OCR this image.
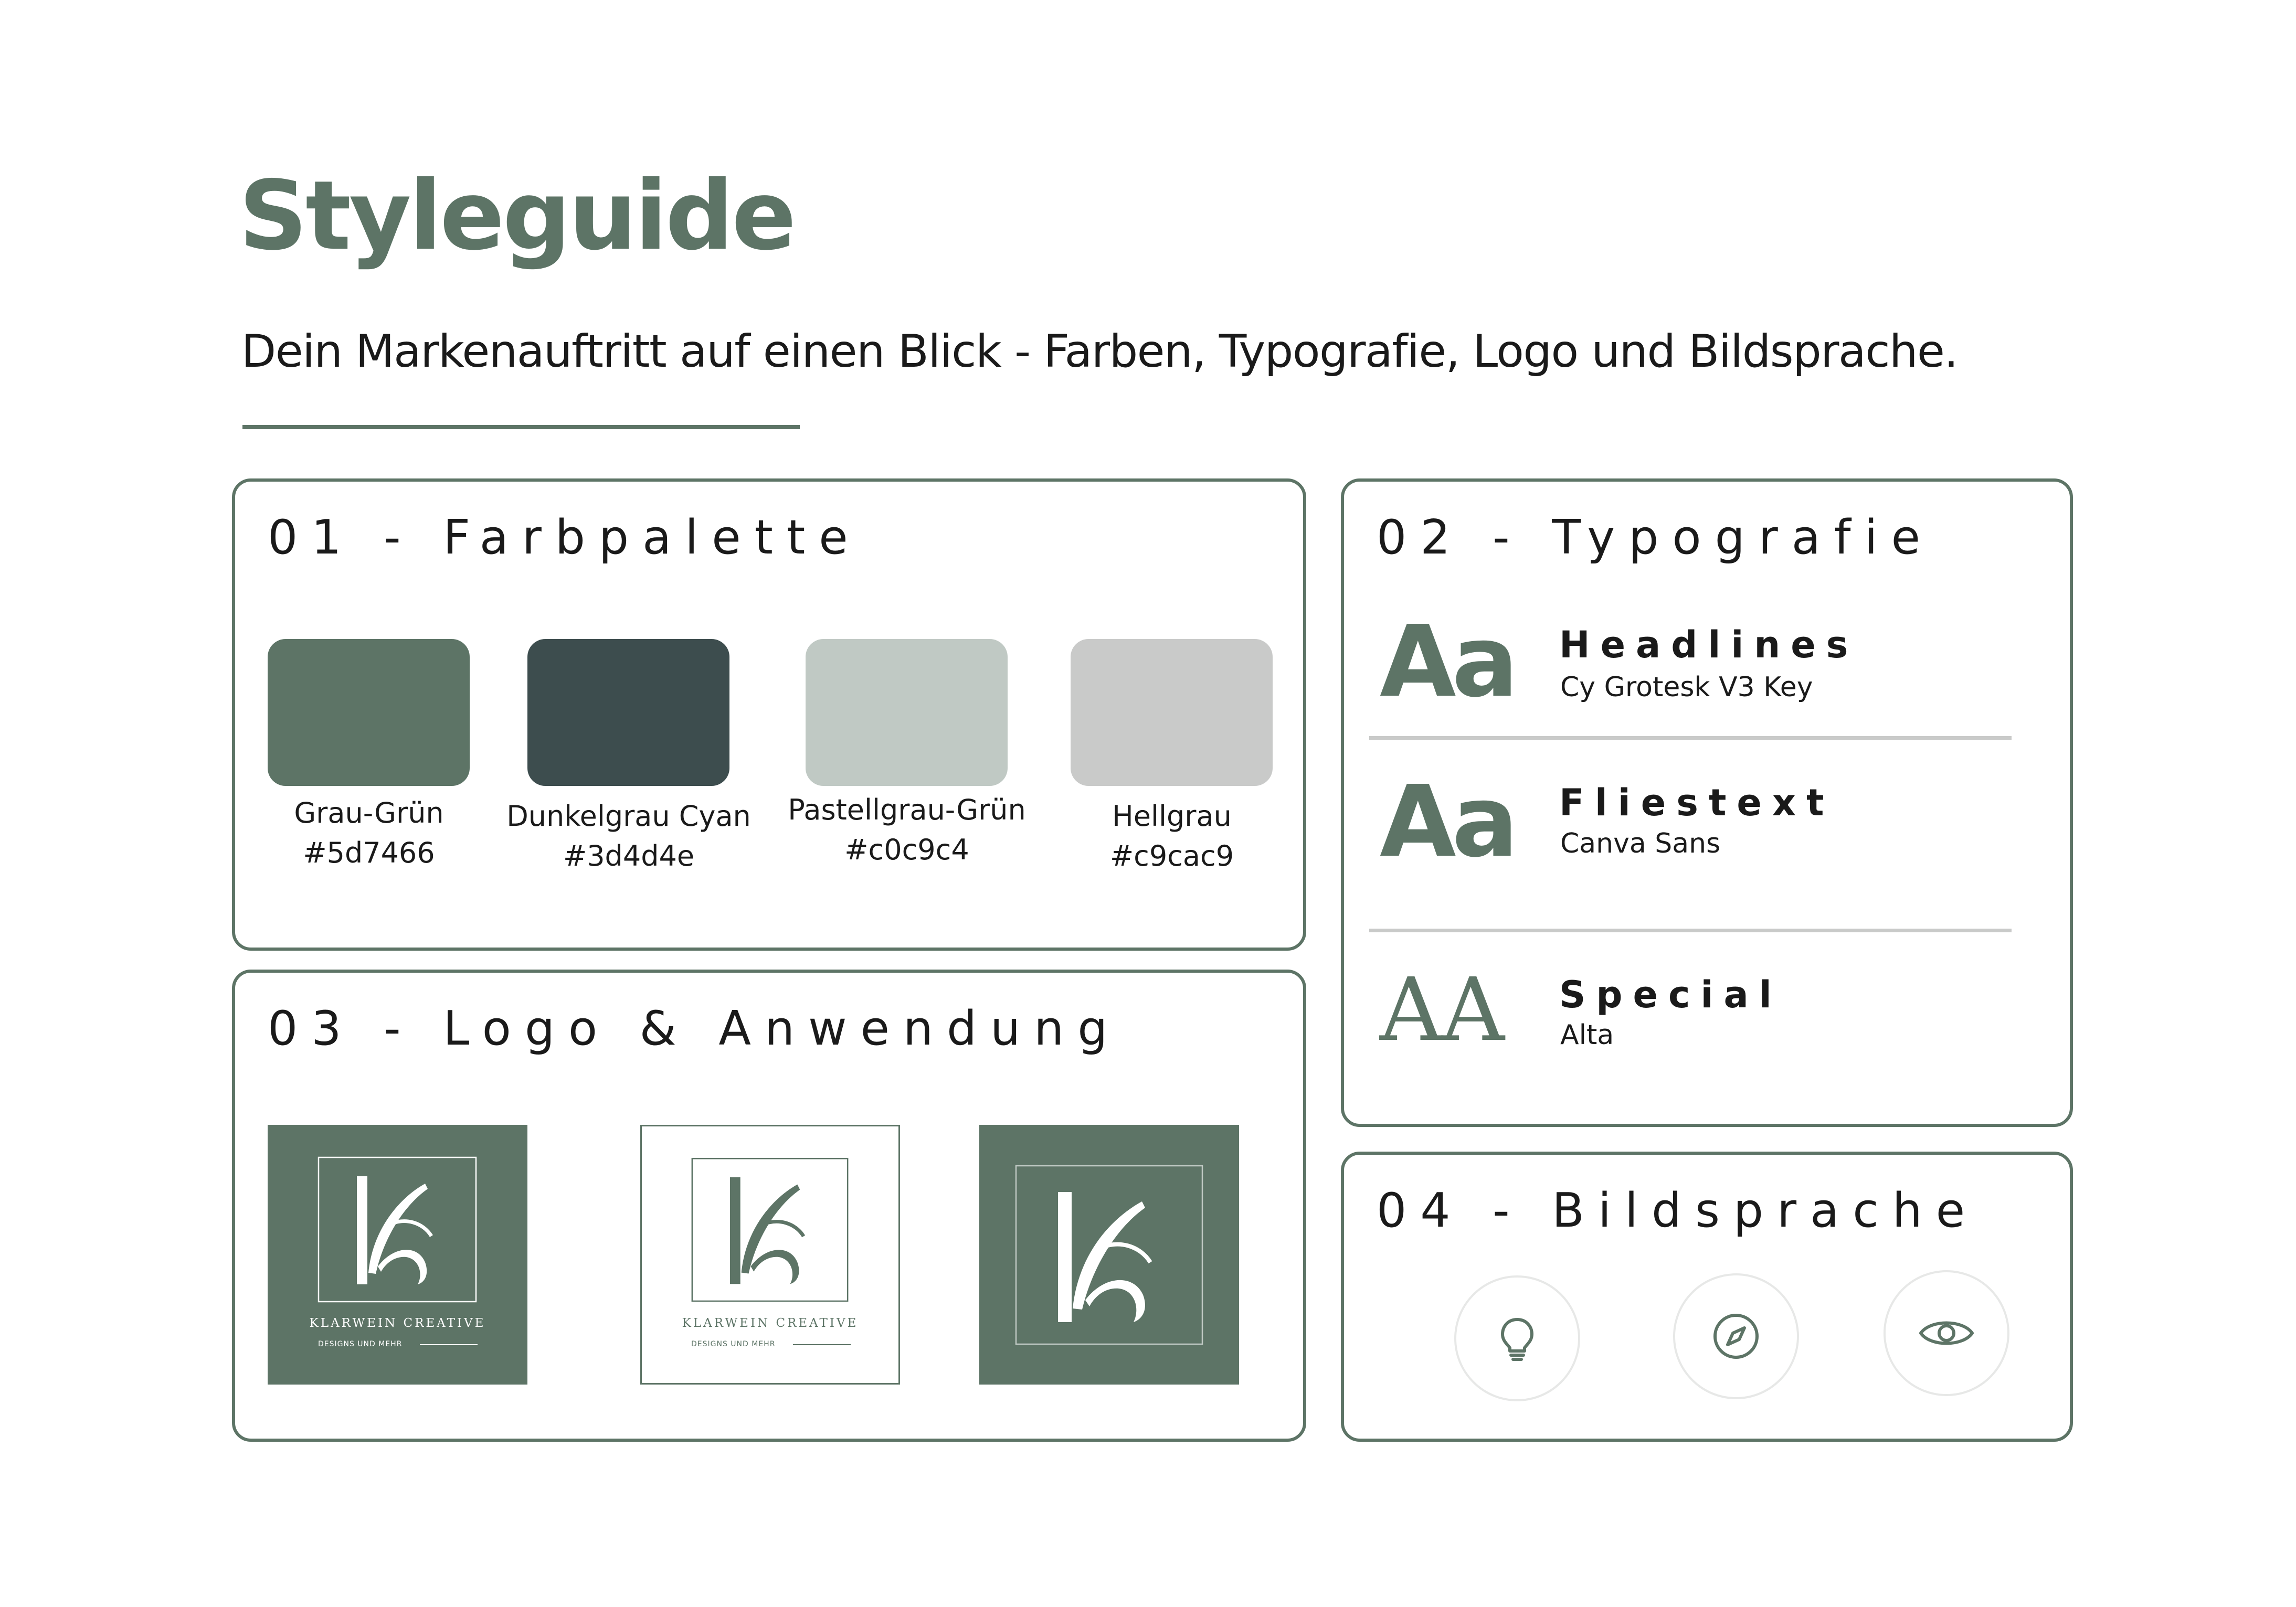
Styleguide

Dein Markenauftritt auf einen Blick - Farben, Typografie, Logo und Bildsprache.

01 - Farbpalette
Grau-Grün
#5d7466
Dunkelgrau Cyan
#3d4d4e
Pastellgrau-Grün
#c0c9c4
Hellgrau
#c9cac9
02 - Typografie
Aa Headlines
Cy Grotesk V3 Key
Aa Fliestext
Canva Sans
AA Special
Alta
03 - Logo & Anwendung
KLARWEIN CREATIVE
DESIGNS UND MEHR
KLARWEIN CREATIVE
DESIGNS UND MEHR
04 - Bildsprache
